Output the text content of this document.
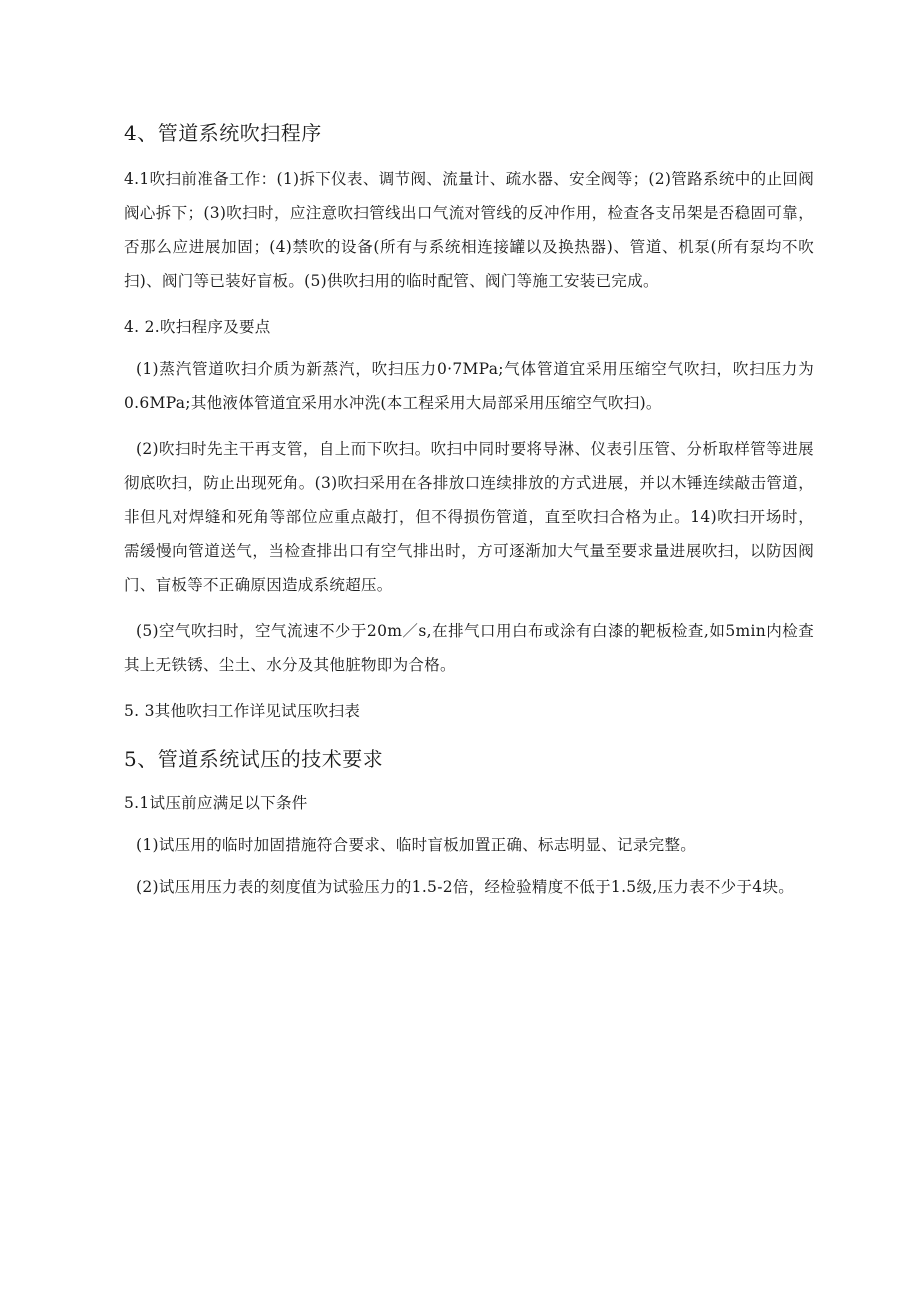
4、管道系统吹扫程序
4.1吹扫前准备工作：(1)拆下仪表、调节阀、流量计、疏水器、安全阀等；(2)管路系统中的止回阀阀心拆下；(3)吹扫时，应注意吹扫管线出口气流对管线的反冲作用，检查各支吊架是否稳固可靠，否那么应进展加固；(4)禁吹的设备(所有与系统相连接罐以及换热器)、管道、机泵(所有泵均不吹扫)、阀门等已装好盲板。(5)供吹扫用的临时配管、阀门等施工安装已完成。
4. 2.吹扫程序及要点
(1)蒸汽管道吹扫介质为新蒸汽，吹扫压力0·7MPa;气体管道宜采用压缩空气吹扫，吹扫压力为0.6MPa;其他液体管道宜采用水冲洗(本工程采用大局部采用压缩空气吹扫)。
(2)吹扫时先主干再支管，自上而下吹扫。吹扫中同时要将导淋、仪表引压管、分析取样管等进展彻底吹扫，防止出现死角。(3)吹扫采用在各排放口连续排放的方式进展，并以木锤连续敲击管道，非但凡对焊缝和死角等部位应重点敲打，但不得损伤管道，直至吹扫合格为止。14)吹扫开场时，需缓慢向管道送气，当检查排出口有空气排出时，方可逐渐加大气量至要求量进展吹扫，以防因阀门、盲板等不正确原因造成系统超压。
(5)空气吹扫时，空气流速不少于20m／s,在排气口用白布或涂有白漆的靶板检查,如5min内检查其上无铁锈、尘土、水分及其他脏物即为合格。
5. 3其他吹扫工作详见试压吹扫表
5、管道系统试压的技术要求
5.1试压前应满足以下条件
(1)试压用的临时加固措施符合要求、临时盲板加置正确、标志明显、记录完整。
(2)试压用压力表的刻度值为试验压力的1.5-2倍，经检验精度不低于1.5级,压力表不少于4块。
